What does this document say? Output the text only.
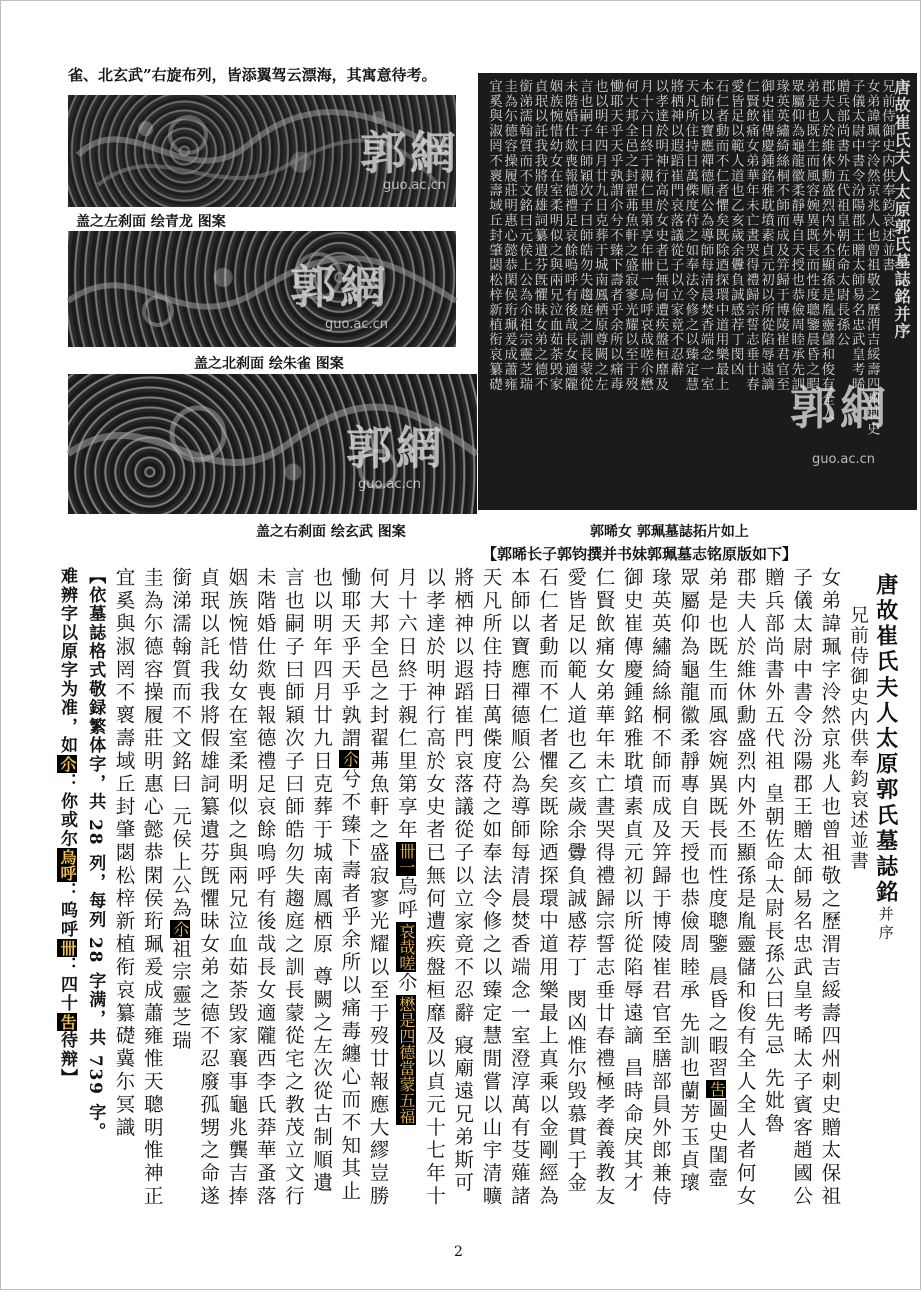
雀、北玄武”右旋布列，皆添翼驾云漂海，其寓意待考。
郭網
guo.ac.cn
盖之左刹面 绘青龙 图案
郭網
guo.ac.cn
盖之北刹面 绘朱雀 图案
郭網
guo.ac.cn
盖之右刹面 绘玄武 图案
唐故崔氏夫人太原郭氏墓誌銘并序
兄前侍御史内供奉鈞哀述並書
女弟諱珮字泠然京兆人也曾祖敬之歷渭吉綏壽四州刺史
子儀太尉中書令汾陽郡王贈太師易名忠武皇考晞
贈兵部尚書外五代祖皇朝佐命太尉長孫公
郡夫人於維休勳盛烈内外丕顯孫是胤靈儲和俊有全人
弟是也既生而風容婉異既長而性度聰鑒晨昏之暇
眾屬仰為龜龍徽柔靜專自天授也恭儉周睦承先訓
瑑英英繡綺絲桐不師而成及笄歸于博陵崔君官至
御史崔傳慶鍾銘雅耽墳素貞元初以所從陷辱遠謫
仁賢飲痛女弟華年未亡晝哭得禮歸宗誓志垂廿春
愛皆足以範人道也乙亥歲余釁負誠感荐丁閔凶
石仁者動而不仁者懼矣既除迺探環中道用樂最上
本師以寶應禪德順公為導師每清晨焚香端念一室
天凡所住持日萬偨度苻之如奉法令修之以臻定慧
將栖神以遐蹈崔門哀落議從子以立家竟不忍辭
以孝達於明神行高於女史者已無何遭疾盤桓靡及
月十六日終于親仁里第享年卌一烏呼哀哉嗟尒懋
何大邦全邑之封翟茀魚軒之盛寂寥光耀以至于歿
慟耶天乎天乎孰謂尒兮不臻下壽者乎余所以痛毒
也以明年四月廿九日克葬于城南鳳栖原尊闕之左
言也嗣子曰師穎次子曰師皓勿失趨庭之訓長蒙從
未階婚仕欻喪報德禮足哀餘嗚呼有後哉長女適隴
姻族惋惜幼女在室柔明似之與兩兄泣血茹荼毁家
貞珉以託我我將假雄詞纂遺芬旣懼昧女弟之德不
銜涕濡翰質而不文銘曰元侯上公為尒祖宗靈芝瑞
圭為尓德容操履莊明惠心懿恭閑侯珩珮爰成蕭雍
宜奚與淑罔不褱壽域丘封肇閟松梓新植衔哀纂礎
郭網
guo.ac.cn
郭晞女 郭珮墓誌拓片如上
【郭晞长子郭钧撰并书妹郭珮墓志铭原版如下】
唐故崔氏夫人太原郭氏墓誌銘并序
兄前侍御史内供奉鈞哀述並書
女弟諱珮字泠然京兆人也曾祖敬之歷渭吉綏壽四州刺史贈太保祖
子儀太尉中書令汾陽郡王贈太師易名忠武皇考晞太子賓客趙國公
贈兵部尚書外五代祖 皇朝佐命太尉長孫公曰先忌 先妣魯
郡夫人於維休勳盛烈内外丕顯孫是胤靈儲和俊有全人全人者何女
弟是也既生而風容婉異既長而性度聰鑒 晨昏之暇習吿圖史閨壼
眾屬仰為龜龍徽柔靜專自天授也恭儉周睦承 先訓也蘭芳玉貞瓌
瑑英英繡綺絲桐不師而成及笄歸于博陵崔君官至膳部員外郎兼侍
御史崔傳慶鍾銘雅耽墳素貞元初以所從陷辱遠謫 昌時命戾其才
仁賢飲痛女弟華年未亡晝哭得禮歸宗誓志垂廿春禮極孝養義教友
愛皆足以範人道也乙亥歲余釁負誠感荐丁 閔凶惟尔毁慕貫于金
石仁者動而不仁者懼矣既除迺探環中道用樂最上真乘以金剛經為
本師以寶應禪德順公為導師每清晨焚香端念一室澄淳萬有芟薙諸
天凡所住持日萬偨度苻之如奉法令修之以臻定慧閒嘗以山宇清曠
將栖神以遐蹈崔門哀落議從子以立家竟不忍辭 寢廟遠兄弟斯可
以孝達於明神行高於女史者已無何遭疾盤桓靡及以貞元十七年十
月十六日終于親仁里第享年卌一烏呼哀哉嗟尒懋是四德當蒙五福
何大邦全邑之封翟茀魚軒之盛寂寥光耀以至于歿廿報應大繆豈勝
慟耶天乎天乎孰謂尒兮不臻下壽者乎余所以痛毒纏心而不知其止
也以明年四月廿九日克葬于城南鳳栖原 尊闕之左次從古制順遺
言也嗣子曰師穎次子曰師皓勿失趨庭之訓長蒙從宅之教茂立文行
未階婚仕欻喪報德禮足哀餘嗚呼有後哉長女適隴西李氏莽華蚤落
姻族惋惜幼女在室柔明似之與兩兄泣血茹荼毁家襄事龜兆龔吉捧
貞珉以託我我將假雄詞纂遺芬旣懼昧女弟之德不忍廢孤甥之命遂
銜涕濡翰質而不文銘曰 元侯上公為尒祖宗靈芝瑞
圭為尓德容操履莊明惠心懿恭閑侯珩珮爰成蕭雍惟天聰明惟神正
宜奚與淑罔不褱壽域丘封肇閟松梓新植衔哀纂礎冀尓冥識
【依墓誌格式敬録繁体字，共 28 列，每列 28 字满，共 739 字。
难辨字以原字为准，如尒：你或尔烏呼：呜呼卌：四十吿待辩】
2
